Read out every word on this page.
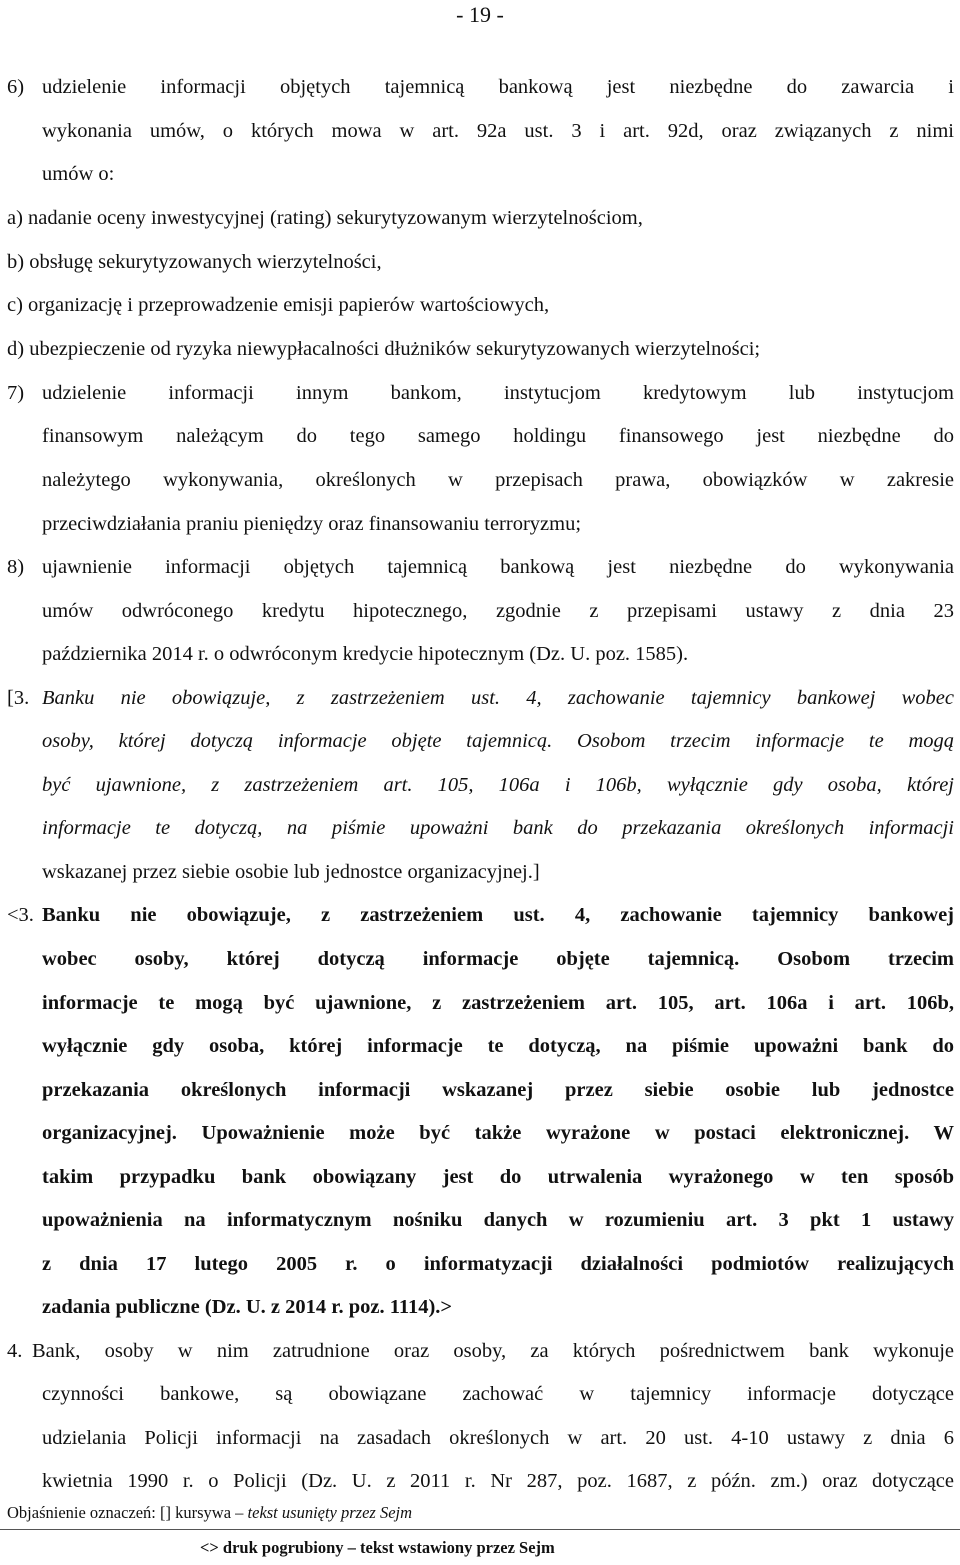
- 19 -
6) udzielenie informacji objętych tajemnicą bankową jest niezbędne do zawarcia i
wykonania umów, o których mowa w art. 92a ust. 3 i art. 92d, oraz związanych z nimi
umów o:
a) nadanie oceny inwestycyjnej (rating) sekurytyzowanym wierzytelnościom,
b) obsługę sekurytyzowanych wierzytelności,
c) organizację i przeprowadzenie emisji papierów wartościowych,
d) ubezpieczenie od ryzyka niewypłacalności dłużników sekurytyzowanych wierzytelności;
7) udzielenie informacji innym bankom, instytucjom kredytowym lub instytucjom
finansowym należącym do tego samego holdingu finansowego jest niezbędne do
należytego wykonywania, określonych w przepisach prawa, obowiązków w zakresie
przeciwdziałania praniu pieniędzy oraz finansowaniu terroryzmu;
8) ujawnienie informacji objętych tajemnicą bankową jest niezbędne do wykonywania
umów odwróconego kredytu hipotecznego, zgodnie z przepisami ustawy z dnia 23
października 2014 r. o odwróconym kredycie hipotecznym (Dz. U. poz. 1585).
[3. Banku nie obowiązuje, z zastrzeżeniem ust. 4, zachowanie tajemnicy bankowej wobec
osoby, której dotyczą informacje objęte tajemnicą. Osobom trzecim informacje te mogą
być ujawnione, z zastrzeżeniem art. 105, 106a i 106b, wyłącznie gdy osoba, której
informacje te dotyczą, na piśmie upoważni bank do przekazania określonych informacji
wskazanej przez siebie osobie lub jednostce organizacyjnej.]
<3. Banku nie obowiązuje, z zastrzeżeniem ust. 4, zachowanie tajemnicy bankowej
wobec osoby, której dotyczą informacje objęte tajemnicą. Osobom trzecim
informacje te mogą być ujawnione, z zastrzeżeniem art. 105, art. 106a i art. 106b,
wyłącznie gdy osoba, której informacje te dotyczą, na piśmie upoważni bank do
przekazania określonych informacji wskazanej przez siebie osobie lub jednostce
organizacyjnej. Upoważnienie może być także wyrażone w postaci elektronicznej. W
takim przypadku bank obowiązany jest do utrwalenia wyrażonego w ten sposób
upoważnienia na informatycznym nośniku danych w rozumieniu art. 3 pkt 1 ustawy
z dnia 17 lutego 2005 r. o informatyzacji działalności podmiotów realizujących
zadania publiczne (Dz. U. z 2014 r. poz. 1114).>
4. Bank, osoby w nim zatrudnione oraz osoby, za których pośrednictwem bank wykonuje
czynności bankowe, są obowiązane zachować w tajemnicy informacje dotyczące
udzielania Policji informacji na zasadach określonych w art. 20 ust. 4-10 ustawy z dnia 6
kwietnia 1990 r. o Policji (Dz. U. z 2011 r. Nr 287, poz. 1687, z późn. zm.) oraz dotyczące
Objaśnienie oznaczeń: [] kursywa – tekst usunięty przez Sejm
<> druk pogrubiony – tekst wstawiony przez Sejm
